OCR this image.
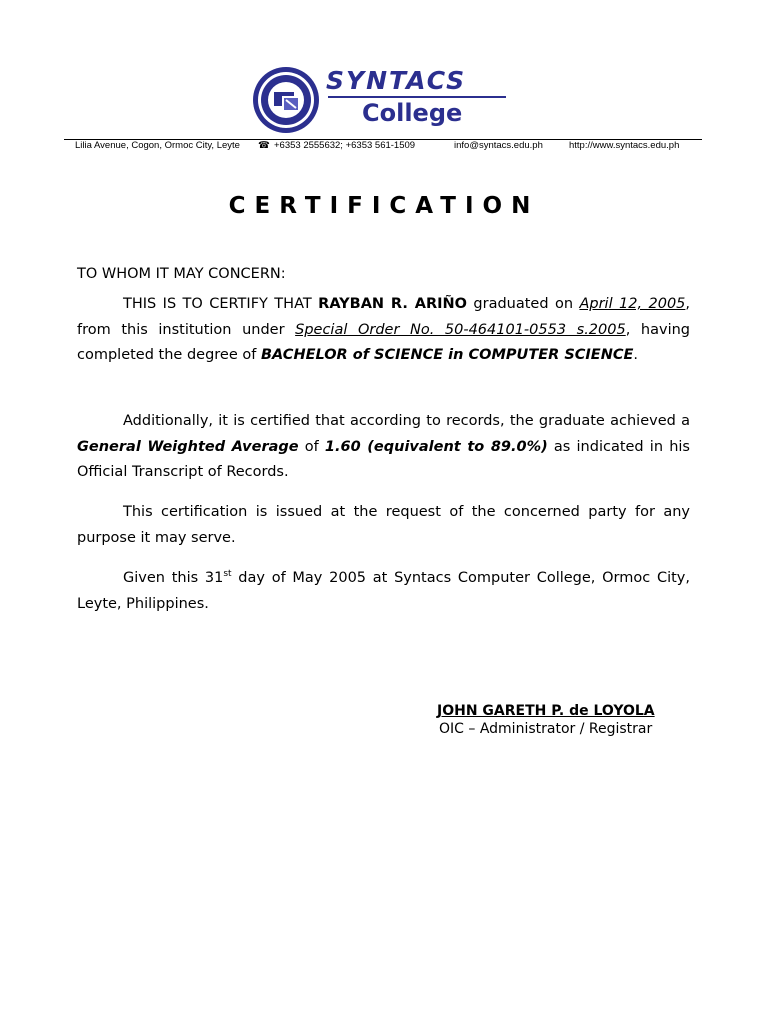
SYNTACS
College
Lilia Avenue, Cogon, Ormoc City, Leyte ☎ +6353 2555632; +6353 561-1509	info@syntacs.edu.ph	http://www.syntacs.edu.ph
CERTIFICATION
TO WHOM IT MAY CONCERN:
THIS IS TO CERTIFY THAT RAYBAN R. ARIÑO graduated on April 12, 2005, from this institution under Special Order No. 50-464101-0553 s.2005, having completed the degree of BACHELOR of SCIENCE in COMPUTER SCIENCE.
Additionally, it is certified that according to records, the graduate achieved a General Weighted Average of 1.60 (equivalent to 89.0%) as indicated in his Official Transcript of Records.
This certification is issued at the request of the concerned party for any purpose it may serve.
Given this 31st day of May 2005 at Syntacs Computer College, Ormoc City, Leyte, Philippines.
JOHN GARETH P. de LOYOLA
OIC – Administrator / Registrar
